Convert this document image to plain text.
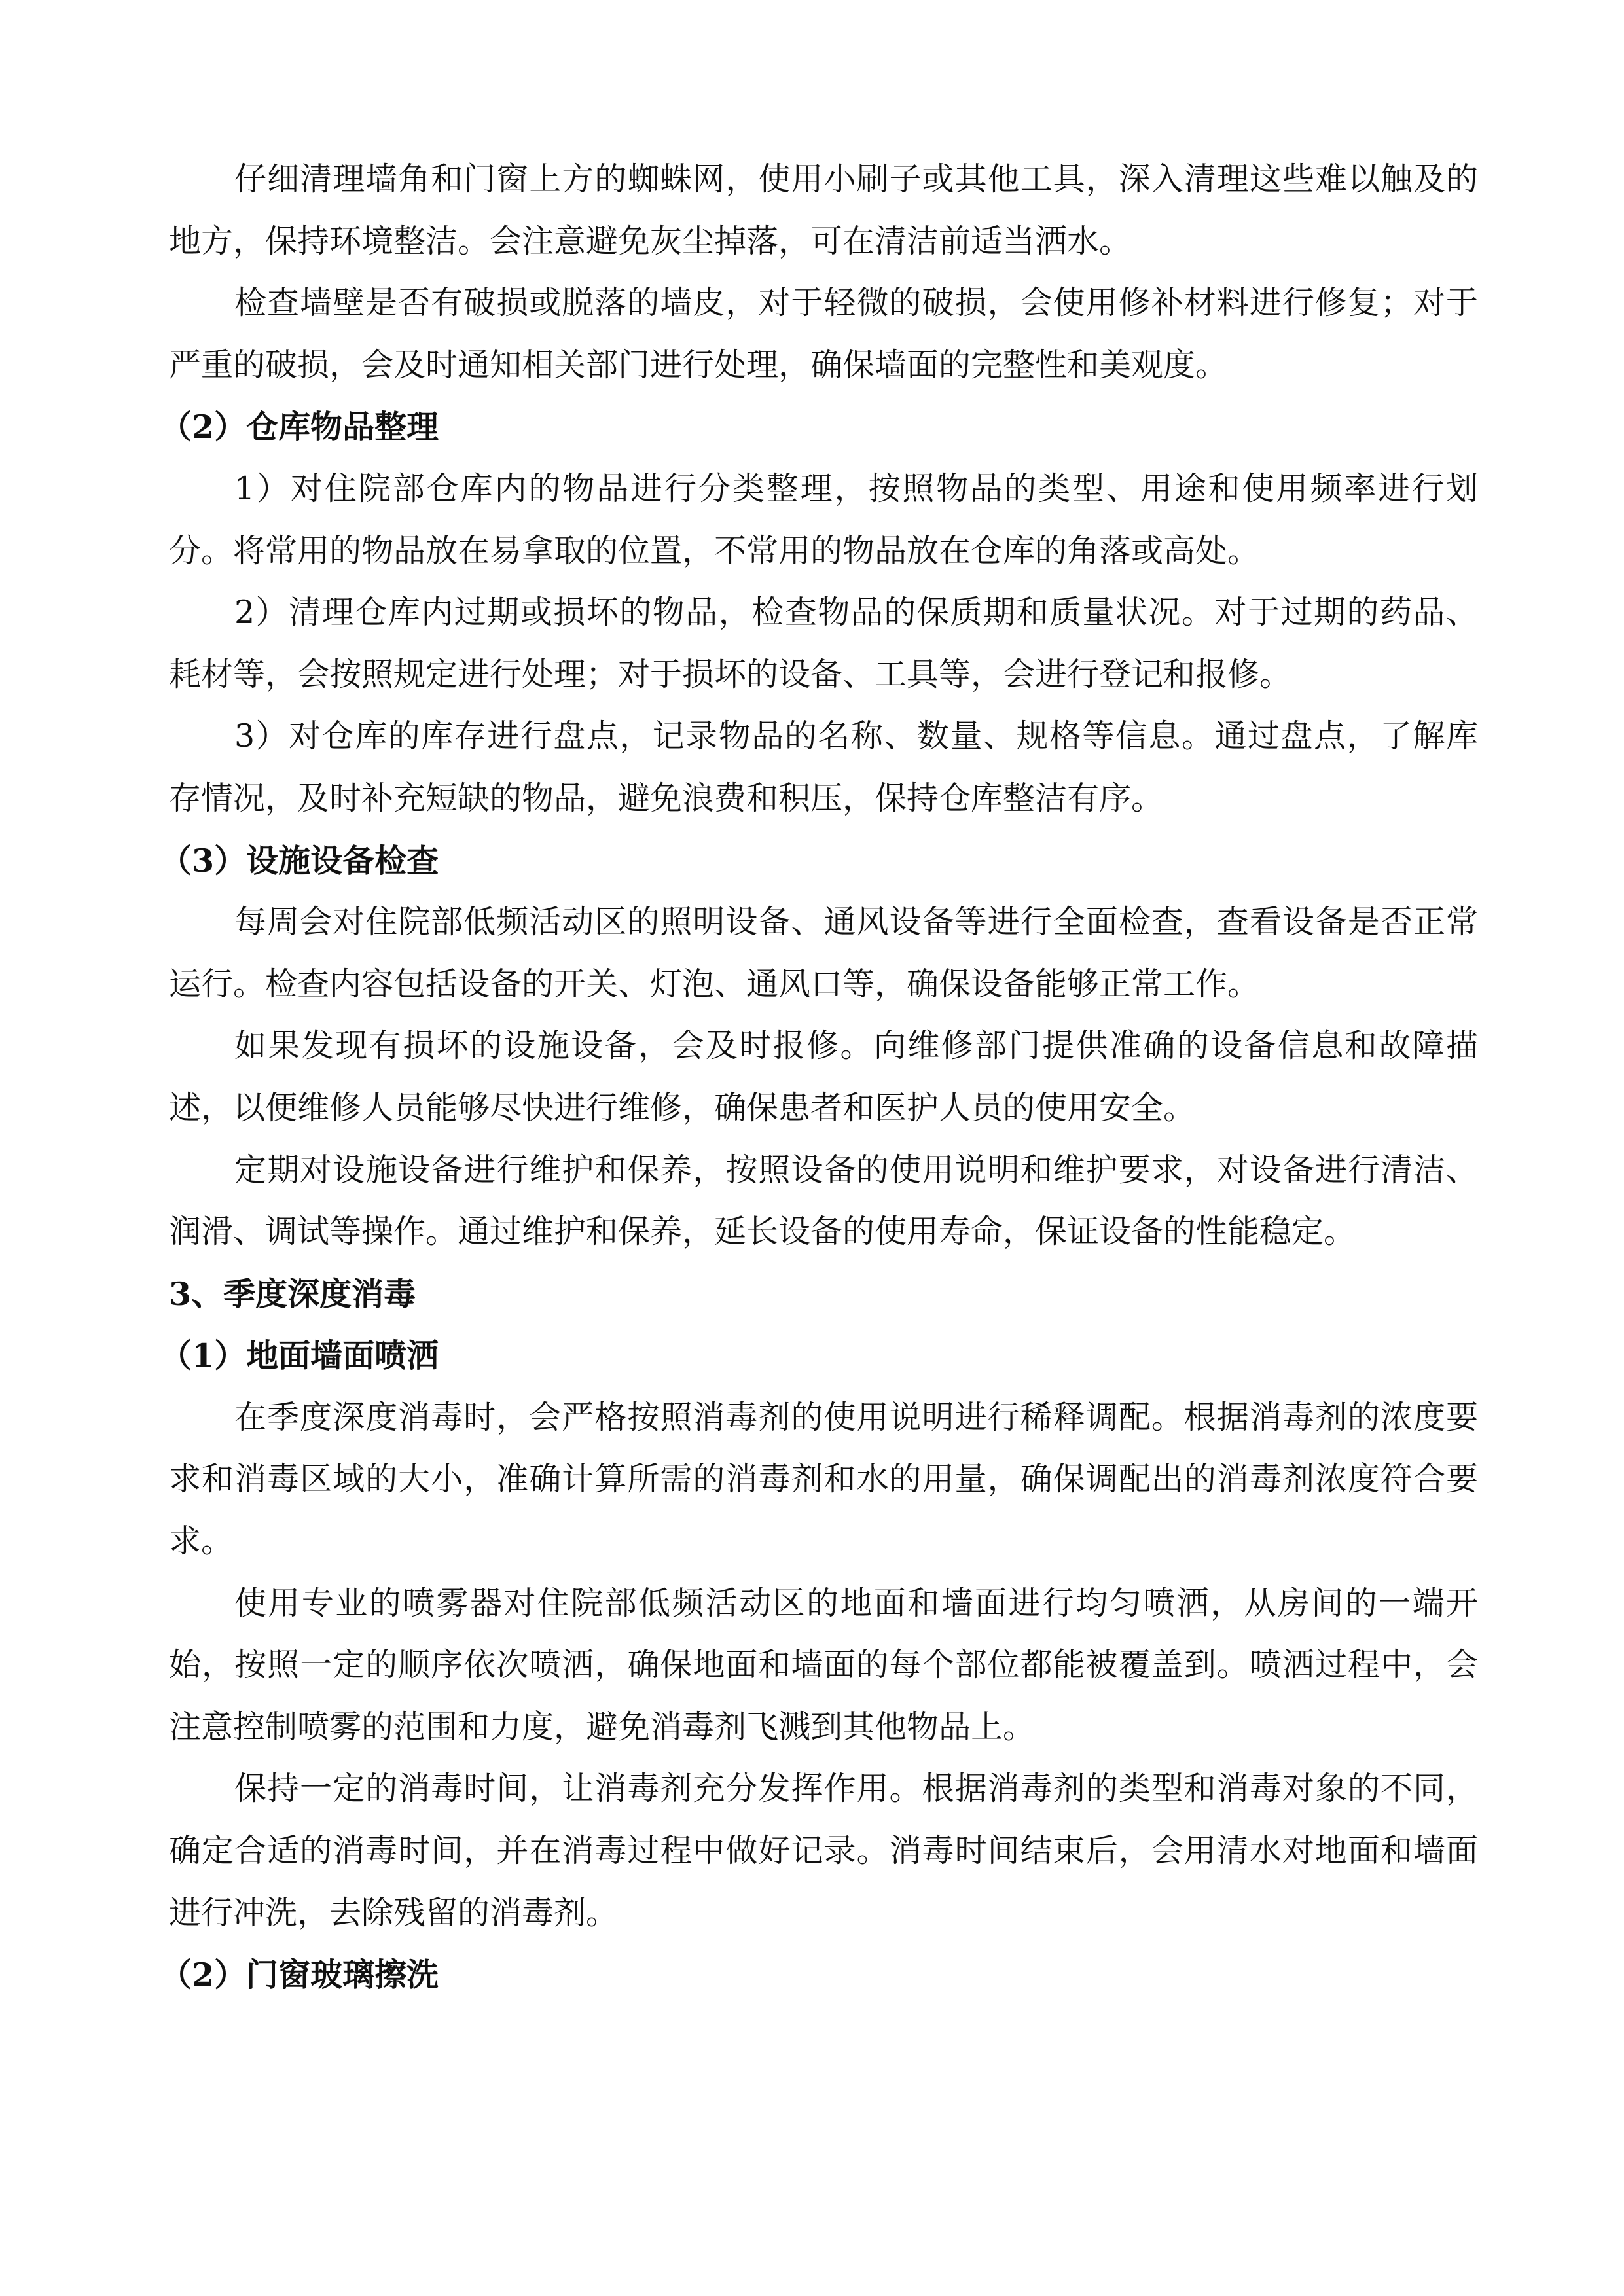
仔细清理墙角和门窗上方的蜘蛛网，使用小刷子或其他工具，深入清理这些难以触及的
地方，保持环境整洁。会注意避免灰尘掉落，可在清洁前适当洒水。
检查墙壁是否有破损或脱落的墙皮，对于轻微的破损，会使用修补材料进行修复；对于
严重的破损，会及时通知相关部门进行处理，确保墙面的完整性和美观度。
（2）仓库物品整理
1）对住院部仓库内的物品进行分类整理，按照物品的类型、用途和使用频率进行划
分。将常用的物品放在易拿取的位置，不常用的物品放在仓库的角落或高处。
2）清理仓库内过期或损坏的物品，检查物品的保质期和质量状况。对于过期的药品、
耗材等，会按照规定进行处理；对于损坏的设备、工具等，会进行登记和报修。
3）对仓库的库存进行盘点，记录物品的名称、数量、规格等信息。通过盘点，了解库
存情况，及时补充短缺的物品，避免浪费和积压，保持仓库整洁有序。
（3）设施设备检查
每周会对住院部低频活动区的照明设备、通风设备等进行全面检查，查看设备是否正常
运行。检查内容包括设备的开关、灯泡、通风口等，确保设备能够正常工作。
如果发现有损坏的设施设备，会及时报修。向维修部门提供准确的设备信息和故障描
述，以便维修人员能够尽快进行维修，确保患者和医护人员的使用安全。
定期对设施设备进行维护和保养，按照设备的使用说明和维护要求，对设备进行清洁、
润滑、调试等操作。通过维护和保养，延长设备的使用寿命，保证设备的性能稳定。
3、季度深度消毒
（1）地面墙面喷洒
在季度深度消毒时，会严格按照消毒剂的使用说明进行稀释调配。根据消毒剂的浓度要
求和消毒区域的大小，准确计算所需的消毒剂和水的用量，确保调配出的消毒剂浓度符合要
求。
使用专业的喷雾器对住院部低频活动区的地面和墙面进行均匀喷洒，从房间的一端开
始，按照一定的顺序依次喷洒，确保地面和墙面的每个部位都能被覆盖到。喷洒过程中，会
注意控制喷雾的范围和力度，避免消毒剂飞溅到其他物品上。
保持一定的消毒时间，让消毒剂充分发挥作用。根据消毒剂的类型和消毒对象的不同，
确定合适的消毒时间，并在消毒过程中做好记录。消毒时间结束后，会用清水对地面和墙面
进行冲洗，去除残留的消毒剂。
（2）门窗玻璃擦洗
